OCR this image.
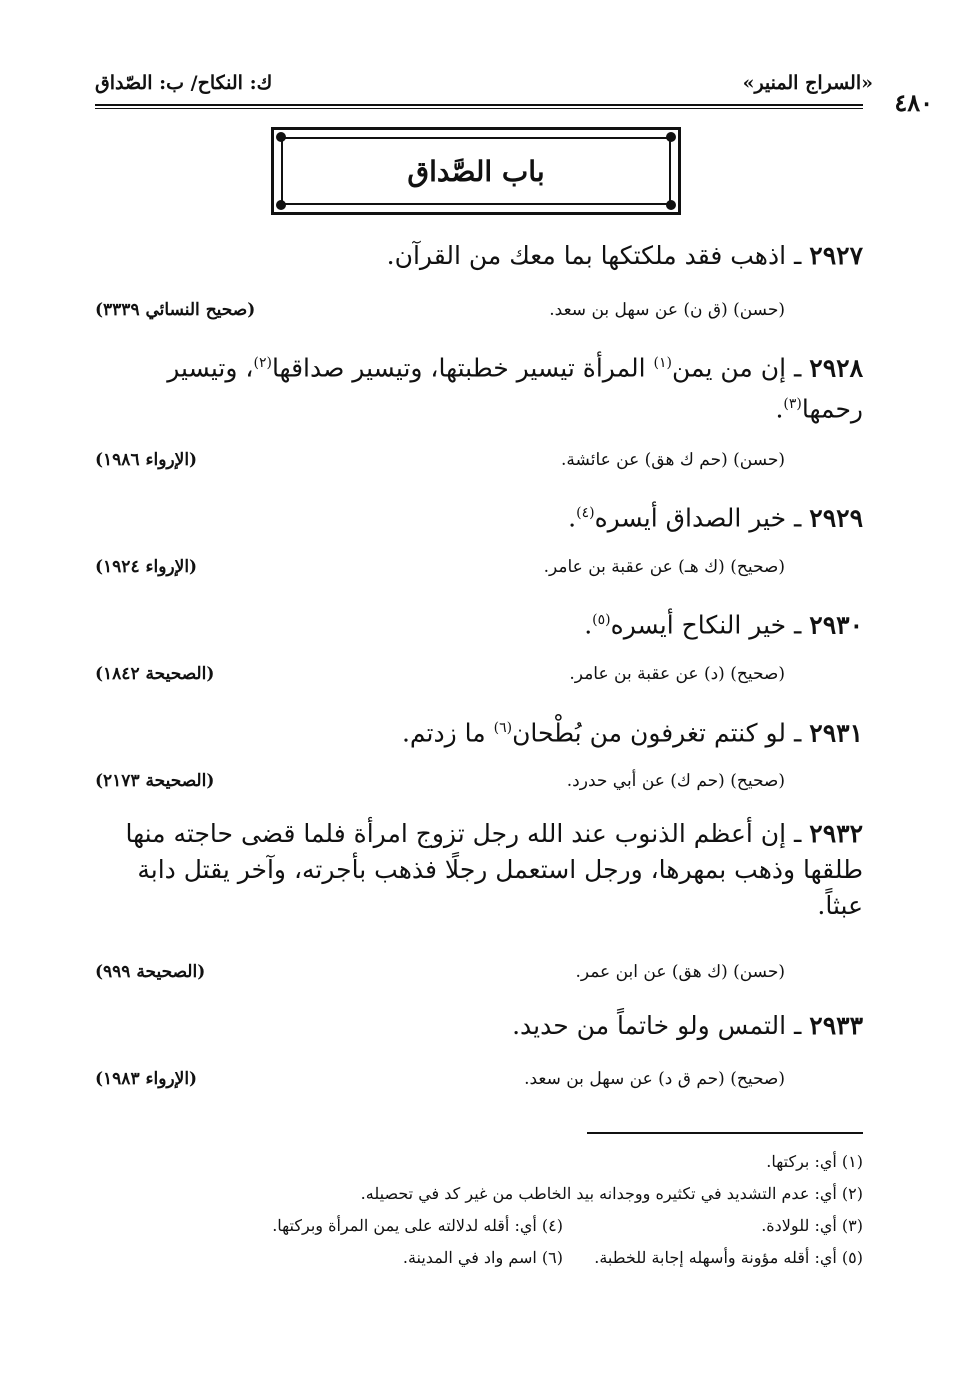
«السراج المنير»
ك: النكاح/ ب: الصّداق
٤٨٠
باب الصَّداق
٢٩٢٧ ـ اذهب فقد ملكتكها بما معك من القرآن.
(حسن) (ق ن) عن سهل بن سعد.
(صحيح النسائي ٣٣٣٩)
٢٩٢٨ ـ إن من يمن$^{(١)}$ المرأة تيسير خطبتها، وتيسير صداقها$^{(٢)}$، وتيسير رحمها$^{(٣)}$.
(حسن) (حم ك هق) عن عائشة.
(الإرواء ١٩٨٦)
٢٩٢٩ ـ خير الصداق أيسره$^{(٤)}$.
(صحيح) (ك هـ) عن عقبة بن عامر.
(الإرواء ١٩٢٤)
٢٩٣٠ ـ خير النكاح أيسره$^{(٥)}$.
(صحيح) (د) عن عقبة بن عامر.
(الصحيحة ١٨٤٢)
٢٩٣١ ـ لو كنتم تغرفون من بُطْحان$^{(٦)}$ ما زدتم.
(صحيح) (حم ك) عن أبي حدرد.
(الصحيحة ٢١٧٣)
٢٩٣٢ ـ إن أعظم الذنوب عند الله رجل تزوج امرأة فلما قضى حاجته منها طلقها وذهب بمهرها، ورجل استعمل رجلًا فذهب بأجرته، وآخر يقتل دابة عبثاً.
(حسن) (ك هق) عن ابن عمر.
(الصحيحة ٩٩٩)
٢٩٣٣ ـ التمس ولو خاتماً من حديد.
(صحيح) (حم ق د) عن سهل بن سعد.
(الإرواء ١٩٨٣)
(١) أي: بركتها.
(٢) أي: عدم التشديد في تكثيره ووجدانه بيد الخاطب من غير كد في تحصيله.
(٣) أي: للولادة.
(٤) أي: أقله لدلالته على يمن المرأة وبركتها.
(٥) أي: أقله مؤونة وأسهله إجابة للخطبة.
(٦) اسم واد في المدينة.
